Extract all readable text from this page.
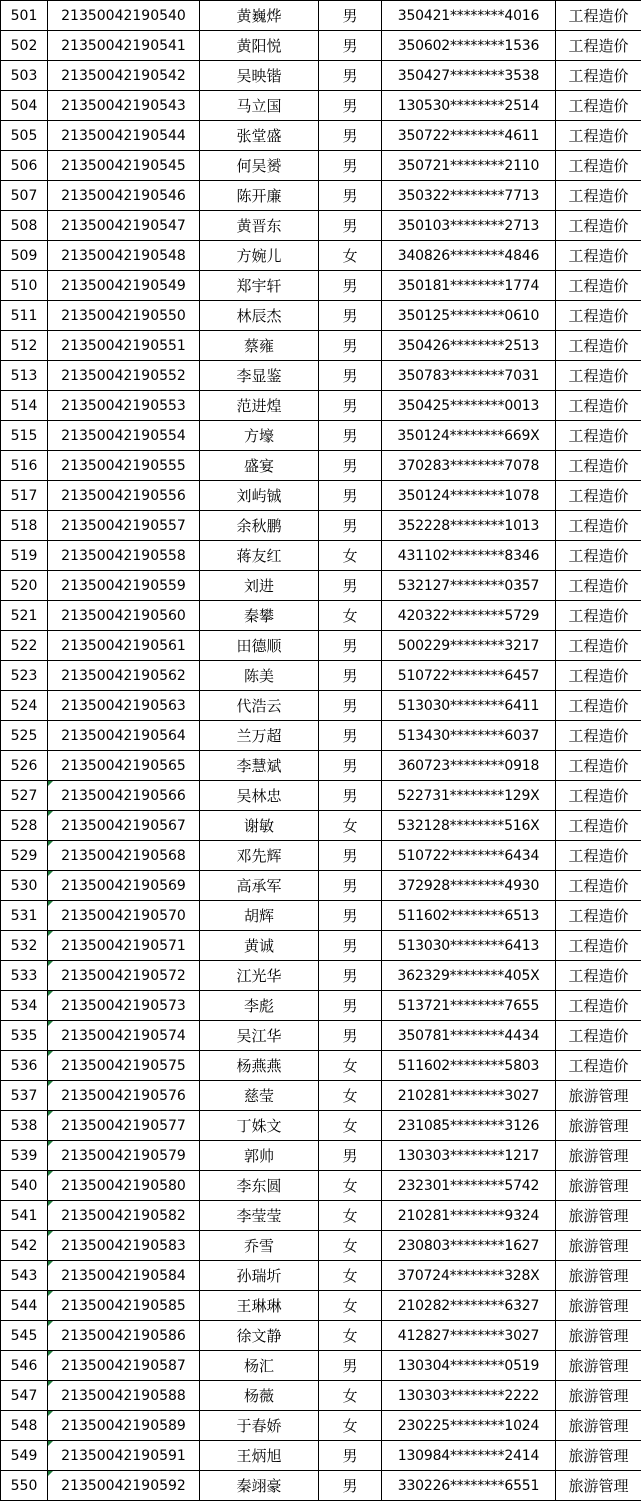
501	21350042190540	黄巍烨	男	350421********4016	工程造价
502	21350042190541	黄阳悦	男	350602********1536	工程造价
503	21350042190542	吴映锴	男	350427********3538	工程造价
504	21350042190543	马立国	男	130530********2514	工程造价
505	21350042190544	张堂盛	男	350722********4611	工程造价
506	21350042190545	何吴赟	男	350721********2110	工程造价
507	21350042190546	陈开廉	男	350322********7713	工程造价
508	21350042190547	黄晋东	男	350103********2713	工程造价
509	21350042190548	方婉儿	女	340826********4846	工程造价
510	21350042190549	郑宇轩	男	350181********1774	工程造价
511	21350042190550	林辰杰	男	350125********0610	工程造价
512	21350042190551	蔡雍	男	350426********2513	工程造价
513	21350042190552	李显鉴	男	350783********7031	工程造价
514	21350042190553	范进煌	男	350425********0013	工程造价
515	21350042190554	方壕	男	350124********669X	工程造价
516	21350042190555	盛宴	男	370283********7078	工程造价
517	21350042190556	刘屿铖	男	350124********1078	工程造价
518	21350042190557	余秋鹏	男	352228********1013	工程造价
519	21350042190558	蒋友红	女	431102********8346	工程造价
520	21350042190559	刘进	男	532127********0357	工程造价
521	21350042190560	秦攀	女	420322********5729	工程造价
522	21350042190561	田德顺	男	500229********3217	工程造价
523	21350042190562	陈美	男	510722********6457	工程造价
524	21350042190563	代浩云	男	513030********6411	工程造价
525	21350042190564	兰万超	男	513430********6037	工程造价
526	21350042190565	李慧斌	男	360723********0918	工程造价
527	21350042190566	吴林忠	男	522731********129X	工程造价
528	21350042190567	谢敏	女	532128********516X	工程造价
529	21350042190568	邓先辉	男	510722********6434	工程造价
530	21350042190569	高承军	男	372928********4930	工程造价
531	21350042190570	胡辉	男	511602********6513	工程造价
532	21350042190571	黄诚	男	513030********6413	工程造价
533	21350042190572	江光华	男	362329********405X	工程造价
534	21350042190573	李彪	男	513721********7655	工程造价
535	21350042190574	吴江华	男	350781********4434	工程造价
536	21350042190575	杨燕燕	女	511602********5803	工程造价
537	21350042190576	慈莹	女	210281********3027	旅游管理
538	21350042190577	丁姝文	女	231085********3126	旅游管理
539	21350042190579	郭帅	男	130303********1217	旅游管理
540	21350042190580	李东圆	女	232301********5742	旅游管理
541	21350042190582	李莹莹	女	210281********9324	旅游管理
542	21350042190583	乔雪	女	230803********1627	旅游管理
543	21350042190584	孙瑞圻	女	370724********328X	旅游管理
544	21350042190585	王琳琳	女	210282********6327	旅游管理
545	21350042190586	徐文静	女	412827********3027	旅游管理
546	21350042190587	杨汇	男	130304********0519	旅游管理
547	21350042190588	杨薇	女	130303********2222	旅游管理
548	21350042190589	于春娇	女	230225********1024	旅游管理
549	21350042190591	王炳旭	男	130984********2414	旅游管理
550	21350042190592	秦翊豪	男	330226********6551	旅游管理
